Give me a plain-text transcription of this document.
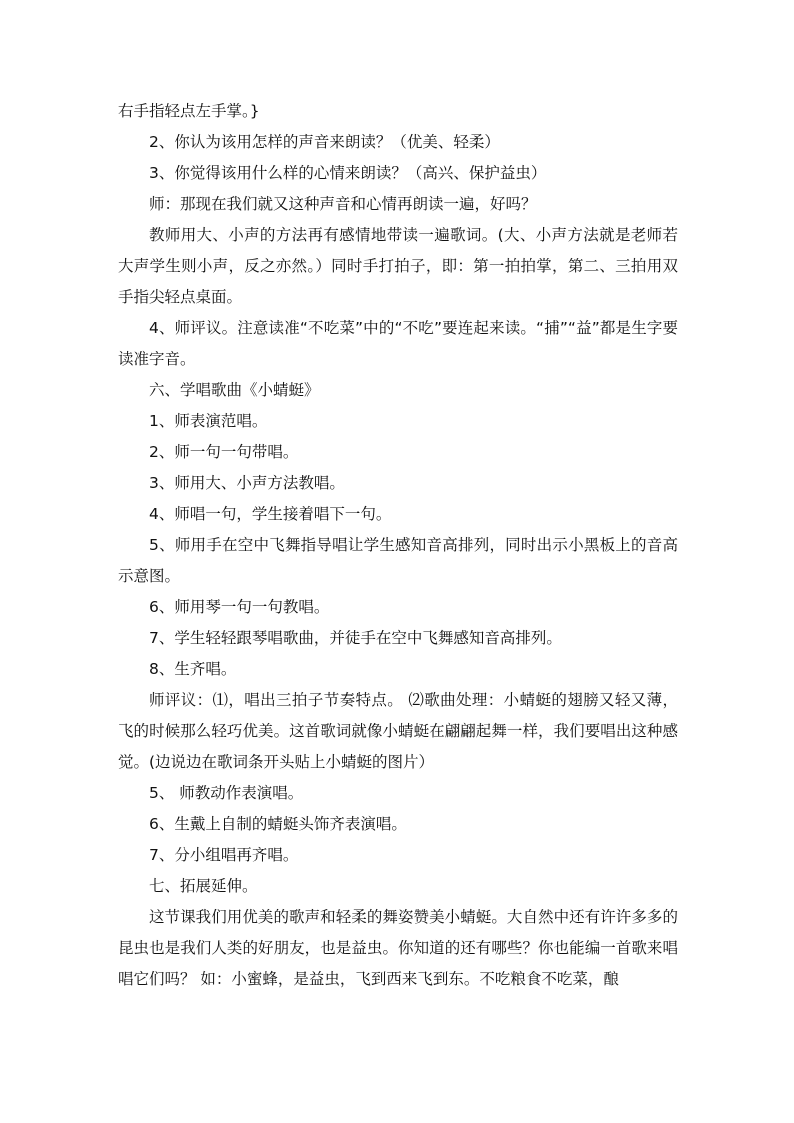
右手指轻点左手掌。}

2、你认为该用怎样的声音来朗读？（优美、轻柔）

3、你觉得该用什么样的心情来朗读？（高兴、保护益虫）

师：那现在我们就又这种声音和心情再朗读一遍，好吗？

教师用大、小声的方法再有感情地带读一遍歌词。(大、小声方法就是老师若大声学生则小声，反之亦然。）同时手打拍子，即：第一拍拍掌，第二、三拍用双手指尖轻点桌面。

4、师评议。注意读准“不吃菜”中的“不吃”要连起来读。“捕”“益”都是生字要读准字音。

六、学唱歌曲《小蜻蜓》

1、师表演范唱。

2、师一句一句带唱。

3、师用大、小声方法教唱。

4、师唱一句，学生接着唱下一句。

5、师用手在空中飞舞指导唱让学生感知音高排列，同时出示小黑板上的音高示意图。

6、师用琴一句一句教唱。

7、学生轻轻跟琴唱歌曲，并徒手在空中飞舞感知音高排列。

8、生齐唱。

师评议：⑴，唱出三拍子节奏特点。 ⑵歌曲处理：小蜻蜓的翅膀又轻又薄，飞的时候那么轻巧优美。这首歌词就像小蜻蜓在翩翩起舞一样，我们要唱出这种感觉。(边说边在歌词条开头贴上小蜻蜓的图片）

5、 师教动作表演唱。

6、生戴上自制的蜻蜓头饰齐表演唱。

7、分小组唱再齐唱。

七、拓展延伸。

这节课我们用优美的歌声和轻柔的舞姿赞美小蜻蜓。大自然中还有许许多多的昆虫也是我们人类的好朋友，也是益虫。你知道的还有哪些？你也能编一首歌来唱唱它们吗？ 如：小蜜蜂，是益虫，飞到西来飞到东。不吃粮食不吃菜，酿
